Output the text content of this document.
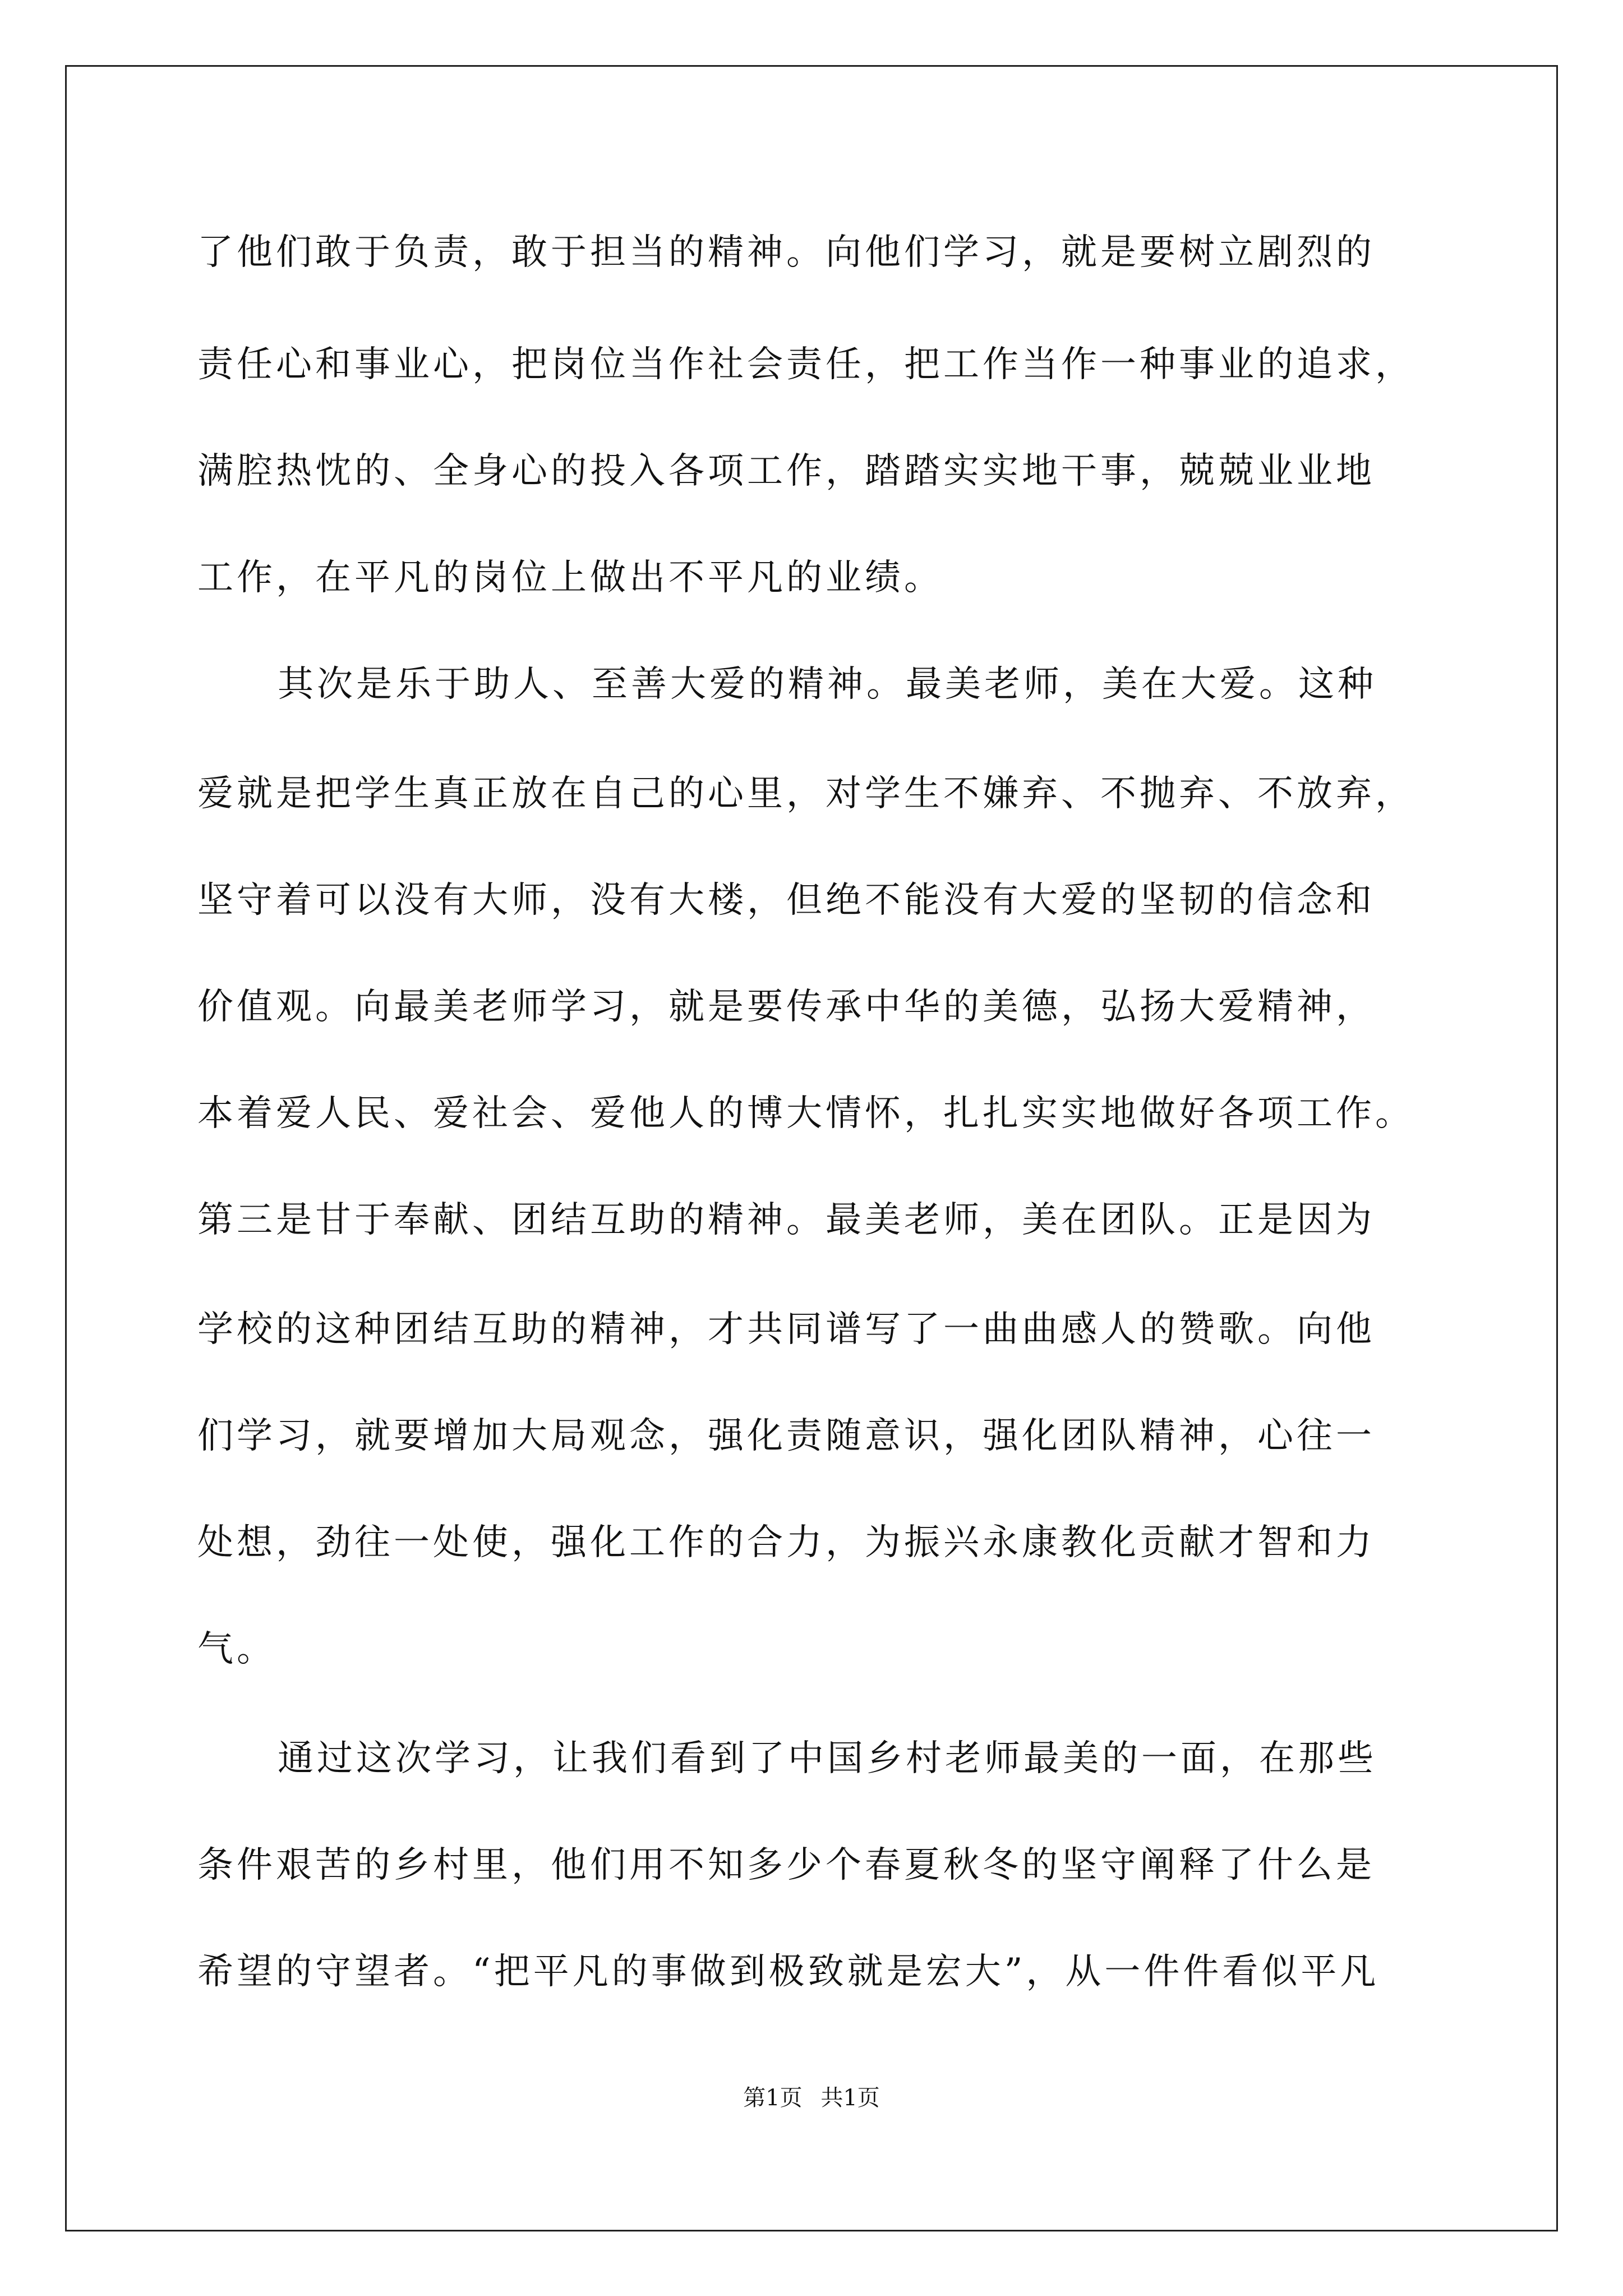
了他们敢于负责，敢于担当的精神。向他们学习，就是要树立剧烈的
责任心和事业心，把岗位当作社会责任，把工作当作一种事业的追求，
满腔热忱的、全身心的投入各项工作，踏踏实实地干事，兢兢业业地
工作，在平凡的岗位上做出不平凡的业绩。
其次是乐于助人、至善大爱的精神。最美老师，美在大爱。这种
爱就是把学生真正放在自己的心里，对学生不嫌弃、不抛弃、不放弃，
坚守着可以没有大师，没有大楼，但绝不能没有大爱的坚韧的信念和
价值观。向最美老师学习，就是要传承中华的美德，弘扬大爱精神，
本着爱人民、爱社会、爱他人的博大情怀，扎扎实实地做好各项工作。
第三是甘于奉献、团结互助的精神。最美老师，美在团队。正是因为
学校的这种团结互助的精神，才共同谱写了一曲曲感人的赞歌。向他
们学习，就要增加大局观念，强化责随意识，强化团队精神，心往一
处想，劲往一处使，强化工作的合力，为振兴永康教化贡献才智和力
气。
通过这次学习，让我们看到了中国乡村老师最美的一面，在那些
条件艰苦的乡村里，他们用不知多少个春夏秋冬的坚守阐释了什么是
希望的守望者。“把平凡的事做到极致就是宏大”，从一件件看似平凡
第1页 共1页
